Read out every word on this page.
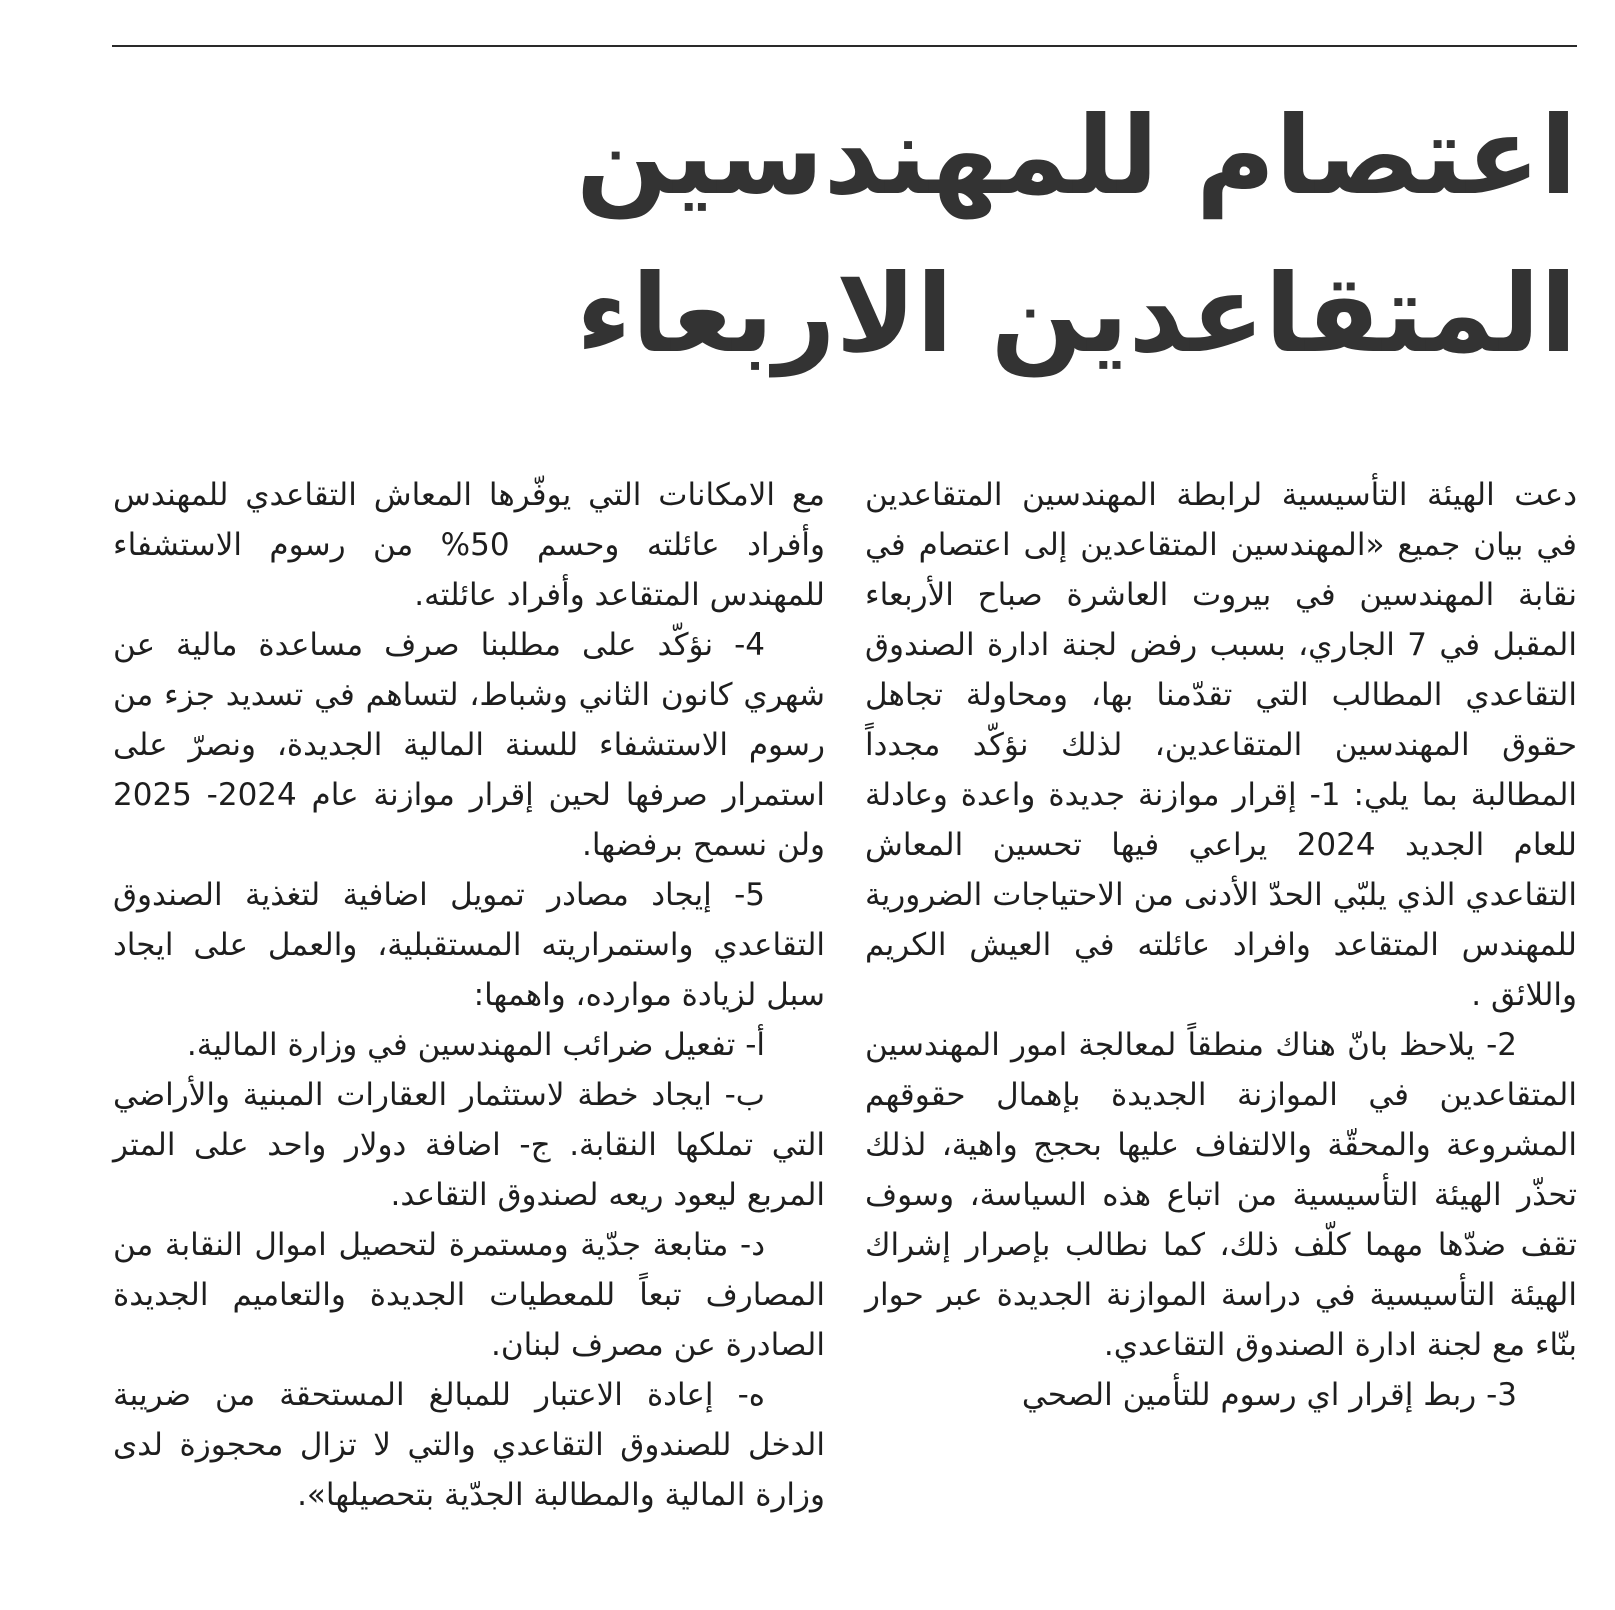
اعتصام للمهندسين المتقاعدين الاربعاء

دعت الهيئة التأسيسية لرابطة المهندسين المتقاعدين في بيان جميع «المهندسين المتقاعدين إلى اعتصام في نقابة المهندسين في بيروت العاشرة صباح الأربعاء المقبل في 7 الجاري، بسبب رفض لجنة ادارة الصندوق التقاعدي المطالب التي تقدّمنا بها، ومحاولة تجاهل حقوق المهندسين المتقاعدين، لذلك نؤكّد مجدداً المطالبة بما يلي: 1- إقرار موازنة جديدة واعدة وعادلة للعام الجديد 2024 يراعي فيها تحسين المعاش التقاعدي الذي يلبّي الحدّ الأدنى من الاحتياجات الضرورية للمهندس المتقاعد وافراد عائلته في العيش الكريم واللائق .

2- يلاحظ بانّ هناك منطقاً لمعالجة امور المهندسين المتقاعدين في الموازنة الجديدة بإهمال حقوقهم المشروعة والمحقّة والالتفاف عليها بحجج واهية، لذلك تحذّر الهيئة التأسيسية من اتباع هذه السياسة، وسوف تقف ضدّها مهما كلّف ذلك، كما نطالب بإصرار إشراك الهيئة التأسيسية في دراسة الموازنة الجديدة عبر حوار بنّاء مع لجنة ادارة الصندوق التقاعدي.

3- ربط إقرار اي رسوم للتأمين الصحي

مع الامكانات التي يوفّرها المعاش التقاعدي للمهندس وأفراد عائلته وحسم 50% من رسوم الاستشفاء للمهندس المتقاعد وأفراد عائلته.

4- نؤكّد على مطلبنا صرف مساعدة مالية عن شهري كانون الثاني وشباط، لتساهم في تسديد جزء من رسوم الاستشفاء للسنة المالية الجديدة، ونصرّ على استمرار صرفها لحين إقرار موازنة عام 2024- 2025 ولن نسمح برفضها.

5- إيجاد مصادر تمويل اضافية لتغذية الصندوق التقاعدي واستمراريته المستقبلية، والعمل على ايجاد سبل لزيادة موارده، واهمها:

أ- تفعيل ضرائب المهندسين في وزارة المالية.

ب- ايجاد خطة لاستثمار العقارات المبنية والأراضي التي تملكها النقابة. ج- اضافة دولار واحد على المتر المربع ليعود ريعه لصندوق التقاعد.

د- متابعة جدّية ومستمرة لتحصيل اموال النقابة من المصارف تبعاً للمعطيات الجديدة والتعاميم الجديدة الصادرة عن مصرف لبنان.

ه- إعادة الاعتبار للمبالغ المستحقة من ضريبة الدخل للصندوق التقاعدي والتي لا تزال محجوزة لدى وزارة المالية والمطالبة الجدّية بتحصيلها».
